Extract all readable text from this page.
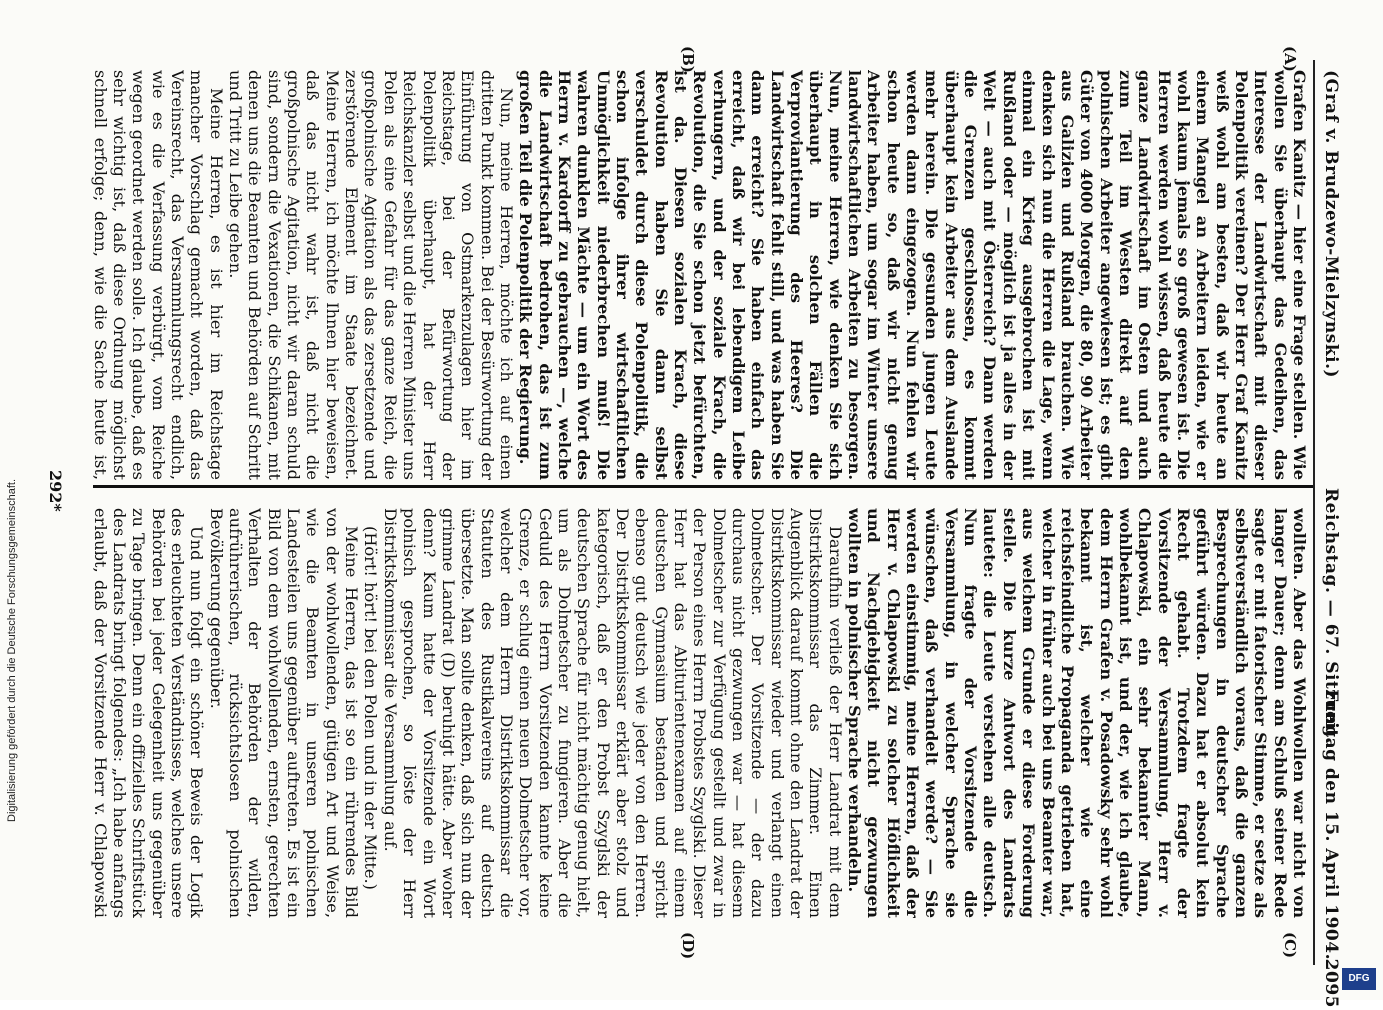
(Graf v. Brudzewo-Mielzynski.)
Reichstag. — 67. Sitzung.
Freitag den 15. April 1904.
2095
(A)
(B)
(C)
(D)

Grafen Kanitz — hier eine Frage stellen. Wie wollen Sie überhaupt das Gedeihen, das Interesse der Landwirtschaft mit dieser Polenpolitik vereinen? Der Herr Graf Kanitz weiß wohl am besten, daß wir heute an einem Mangel an Arbeitern leiden, wie er wohl kaum jemals so groß gewesen ist. Die Herren werden wohl wissen, daß heute die ganze Landwirtschaft im Osten und auch zum Teil im Westen direkt auf den polnischen Arbeiter angewiesen ist; es gibt Güter von 4000 Morgen, die 80, 90 Arbeiter aus Galizien und Rußland brauchen. Wie denken sich nun die Herren die Lage, wenn einmal ein Krieg ausgebrochen ist mit Rußland oder — möglich ist ja alles in der Welt — auch mit Österreich? Dann werden die Grenzen geschlossen, es kommt überhaupt kein Arbeiter aus dem Auslande mehr herein. Die gesunden jungen Leute werden dann eingezogen. Nun fehlen wir schon heute so, daß wir nicht genug Arbeiter haben, um sogar im Winter unsere landwirtschaftlichen Arbeiten zu besorgen. Nun, meine Herren, wie denken Sie sich überhaupt in solchen Fällen die Verproviantierung des Heeres? Die Landwirtschaft fehlt still, und was haben Sie dann erreicht? Sie haben einfach das erreicht, daß wir bei lebendigem Leibe verhungern, und der soziale Krach, die Revolution, die Sie schon jetzt befürchten, ist da. Diesen sozialen Krach, diese Revolution haben Sie dann selbst verschuldet durch diese Polenpolitik, die schon infolge ihrer wirtschaftlichen Unmöglichkeit niederbrechen muß! Die wahren dunklen Mächte — um ein Wort des Herrn v. Kardorff zu gebrauchen —, welche die Landwirtschaft bedrohen, das ist zum großen Teil die Polenpolitik der Regierung.

Nun, meine Herren, möchte ich auf einen dritten Punkt kommen. Bei der Besürwortung der Einführung von Ostmarkenzulagen hier im Reichstage, bei der Befürwortung der Polenpolitik überhaupt, hat der Herr Reichskanzler selbst und die Herren Minister uns Polen als eine Gefahr für das ganze Reich, die großpolnische Agitation als das zersetzende und zerstörende Element im Staate bezeichnet. Meine Herren, ich möchte Ihnen hier beweisen, daß das nicht wahr ist, daß nicht die großpolnische Agitation, nicht wir daran schuld sind, sondern die Vexationen, die Schikanen, mit denen uns die Beamten und Behörden auf Schritt und Tritt zu Leibe gehen.

Meine Herren, es ist hier im Reichstage mancher Vorschlag gemacht worden, daß das Vereinsrecht, das Versammlungsrecht endlich, wie es die Verfassung verbürgt, vom Reiche wegen geordnet werden solle. Ich glaube, daß es sehr wichtig ist, daß diese Ordnung möglichst schnell erfolge; denn, wie die Sache heute ist,

wollten. Aber das Wohlwollen war nicht von langer Dauer; denn am Schluß seiner Rede sagte er mit fatorischer Stimme, er setze als selbstverständlich voraus, daß die ganzen Besprechungen in deutscher Sprache geführt würden. Dazu hat er absolut kein Recht gehabt. Trotzdem fragte der Vorsitzende der Versammlung, Herr v. Chlapowski, ein sehr bekannter Mann, wohlbekannt ist, und der, wie ich glaube, dem Herrn Grafen v. Posadowsky sehr wohl bekannt ist, welcher wie eine reichsfeindliche Propaganda getrieben hat, welcher in früher auch bei uns Beamter war, aus welchem Grunde er diese Forderung stelle. Die kurze Antwort des Landrats lautete: die Leute verstehen alle deutsch. Nun fragte der Vorsitzende die Versammlung, in welcher Sprache sie wünschen, daß verhandelt werde? — Sie werden einstimmig, meine Herren, daß der Herr v. Chlapowski zu solcher Höflichkeit und Nachgiebigkeit nicht gezwungen wollten in polnischer Sprache verhandeln.

Daraufhin verließ der Herr Landrat mit dem Distriktskommissar das Zimmer. Einen Augenblick darauf kommt ohne den Landrat der Distriktskommissar wieder und verlangt einen Dolmetscher. Der Vorsitzende — der dazu durchaus nicht gezwungen war — hat diesem Dolmetscher zur Verfügung gestellt und zwar in der Person eines Herrn Probstes Szyglski. Dieser Herr hat das Abiturientenexamen auf einem deutschen Gymnasium bestanden und spricht ebenso gut deutsch wie jeder von den Herren. Der Distriktskommissar erklärt aber stolz und kategorisch, daß er den Probst Szyglski der deutschen Sprache für nicht mächtig genug hielt, um als Dolmetscher zu fungieren. Aber die Geduld des Herrn Vorsitzenden kannte keine Grenze, er schlug einen neuen Dolmetscher vor, welcher dem Herrn Distriktskommissar die Statuten des Rustikalvereins auf deutsch übersetzte. Man sollte denken, daß sich nun der grimme Landrat (D) beruhigt hätte. Aber woher denn? Kaum hatte der Vorsitzende ein Wort polnisch gesprochen, so löste der Herr Distriktskommissar die Versammlung auf.

(Hört! hört! bei den Polen und in der Mitte.)

Meine Herren, das ist so ein rührendes Bild von der wohlwollenden, gütigen Art und Weise, wie die Beamten in unseren polnischen Landesteilen uns gegenüber auftreten. Es ist ein Bild von dem wohlwollenden, ernsten, gerechten Verhalten der Behörden der wilden, aufrührerischen, rücksichtslosen polnischen Bevölkerung gegenüber.

Und nun folgt ein schöner Beweis der Logik des erleuchteten Verständnisses, welches unsere Behörden bei jeder Gelegenheit uns gegenüber zu Tage bringen. Denn ein offizielles Schriftstück des Landrats bringt folgendes: „Ich habe anfangs erlaubt, daß der Vorsitzende Herr v. Chlapowski

292*
Digitalisierung gefördert durch die Deutsche Forschungsgemeinschaft.
DFG
